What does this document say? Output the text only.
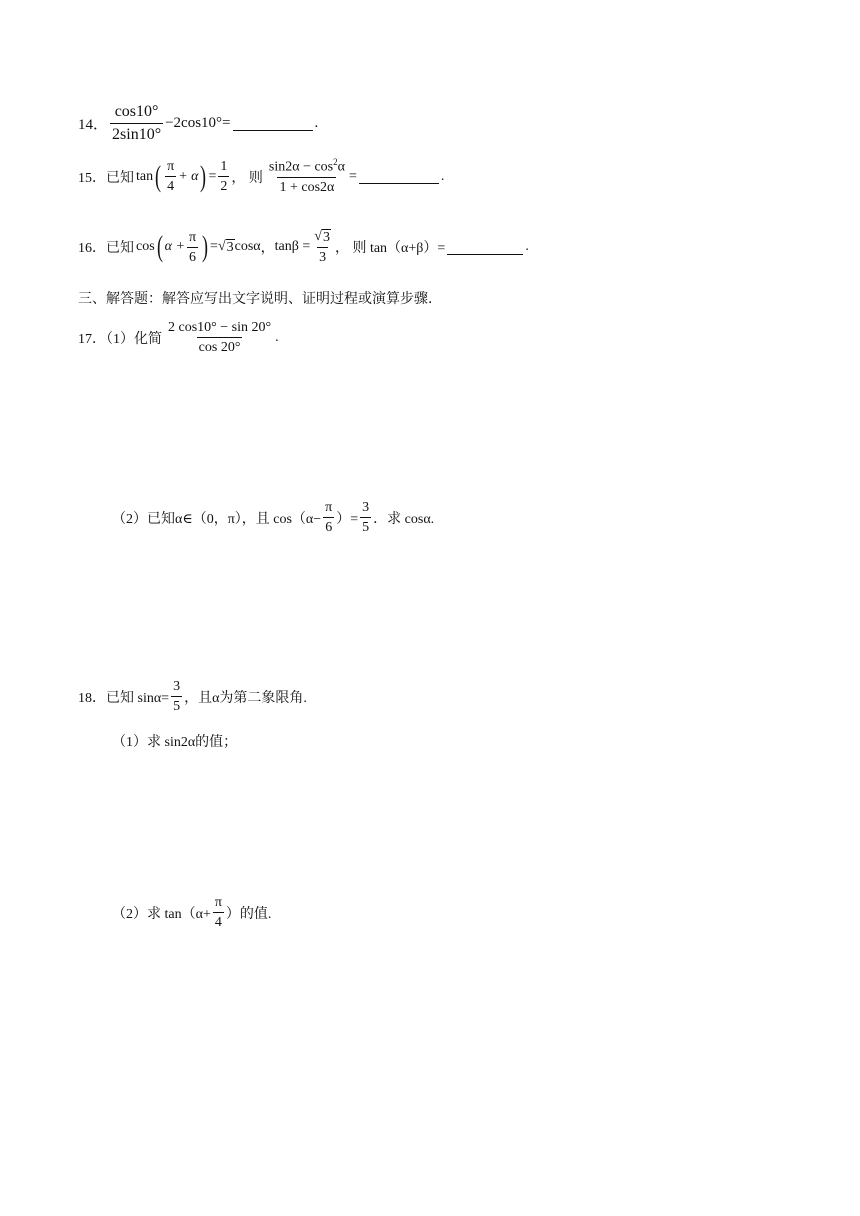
14． $\frac{\cos 10^\circ}{2\sin 10^\circ} -2\cos 10^\circ=$	.
15．已知 tan ( $\frac{\pi}{4} + \alpha$ ) = $\frac{1}{2}$ ， 则 $\frac{\sin 2\alpha - \cos^2\alpha}{1 + \cos 2\alpha}$ =	.
16．已知 cos ( $\alpha + \frac{\pi}{6}$ ) = √ 3 cosα ， $\tan\beta = \frac{√ 3}{3}$ ， 则 tan（α+β）=	.
三、解答题：解答应写出文字说明、证明过程或演算步骤.
17．（1）化简 $\frac{2 \cos 10^\circ - \sin 20^\circ}{\cos 20^\circ}$ .
（2）已知α∈（0，π），且 $\cos(\alpha- \frac{\pi}{6}$ ）= $\frac{3}{5}$ ．求 cosα.
18．已知 $\sin\alpha= \frac{3}{5}$ ，且α为第二象限角.
（1）求 sin2α的值；
（2）求 $\tan(\alpha+ \frac{\pi}{4}$ ）的值.
